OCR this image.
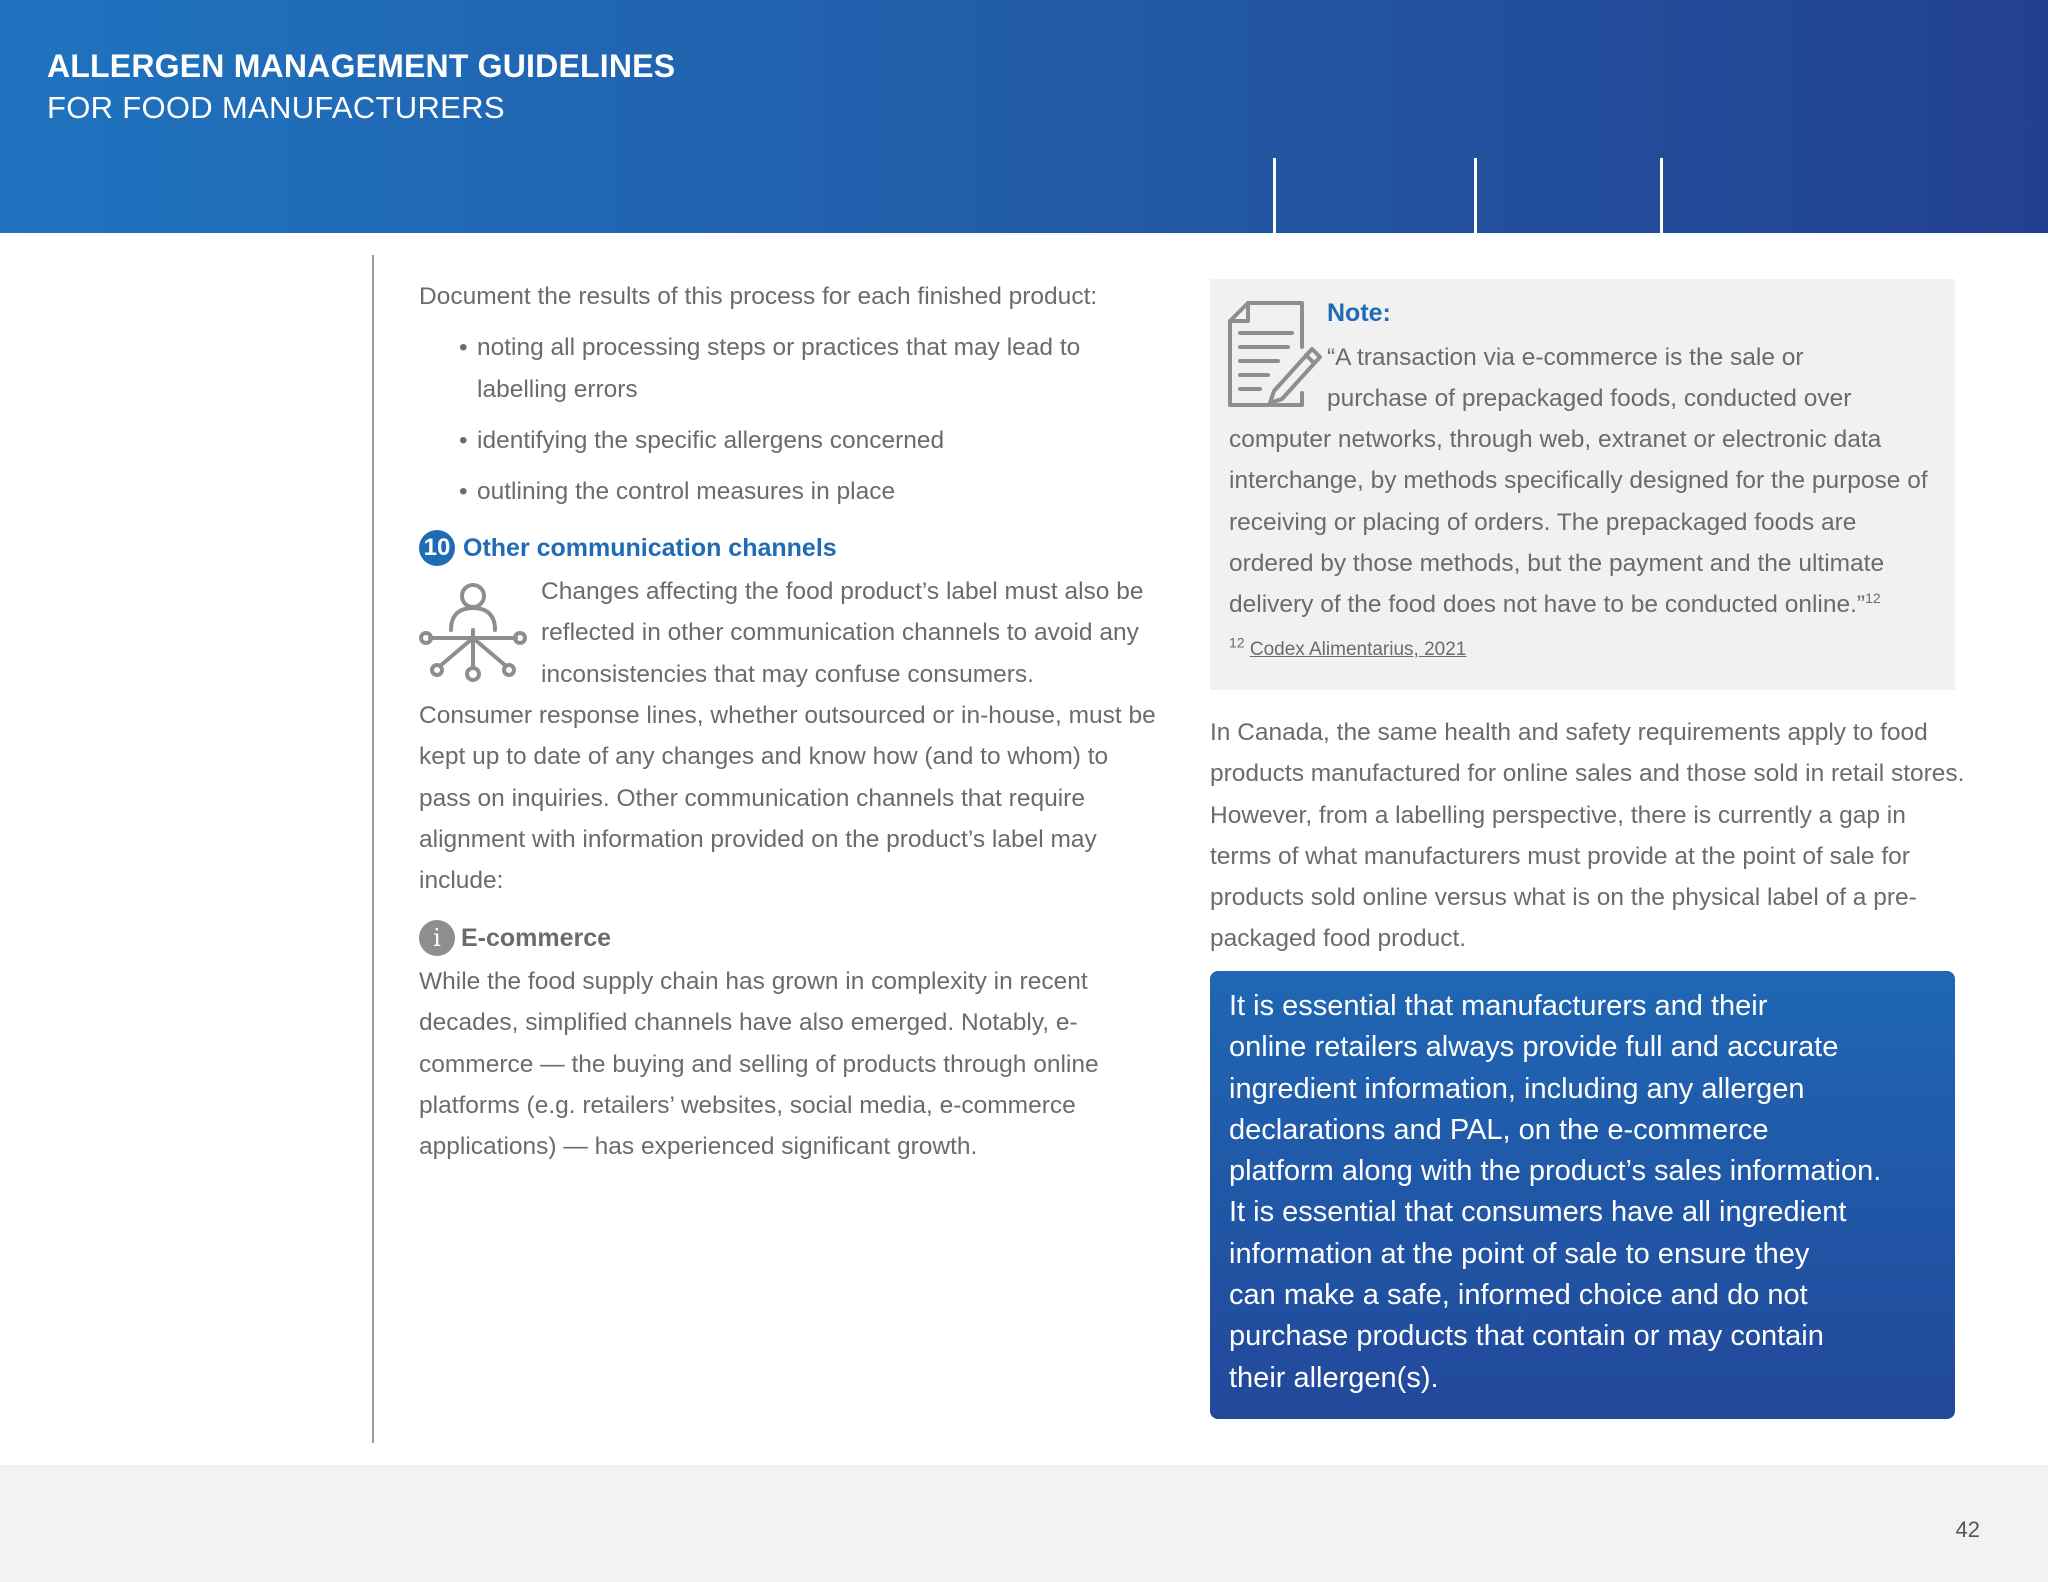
ALLERGEN MANAGEMENT GUIDELINES
FOR FOOD MANUFACTURERS
Document the results of this process for each finished product:
• noting all processing steps or practices that may lead to labelling errors
• identifying the specific allergens concerned
• outlining the control measures in place
10 Other communication channels
Changes affecting the food product’s label must also be reflected in other communication channels to avoid any inconsistencies that may confuse consumers.
Consumer response lines, whether outsourced or in-house, must be kept up to date of any changes and know how (and to whom) to pass on inquiries. Other communication channels that require alignment with information provided on the product’s label may include:
i E-commerce
While the food supply chain has grown in complexity in recent decades, simplified channels have also emerged. Notably, e-commerce — the buying and selling of products through online platforms (e.g. retailers’ websites, social media, e-commerce applications) — has experienced significant growth.
Note:
“A transaction via e-commerce is the sale or
purchase of prepackaged foods, conducted over
computer networks, through web, extranet or electronic data interchange, by methods specifically designed for the purpose of receiving or placing of orders. The prepackaged foods are ordered by those methods, but the payment and the ultimate delivery of the food does not have to be conducted online.”$^{12}$
$^{12}$ Codex Alimentarius, 2021
In Canada, the same health and safety requirements apply to food products manufactured for online sales and those sold in retail stores. However, from a labelling perspective, there is currently a gap in terms of what manufacturers must provide at the point of sale for products sold online versus what is on the physical label of a pre-packaged food product.
It is essential that manufacturers and their
online retailers always provide full and accurate
ingredient information, including any allergen
declarations and PAL, on the e-commerce
platform along with the product’s sales information.
It is essential that consumers have all ingredient
information at the point of sale to ensure they
can make a safe, informed choice and do not
purchase products that contain or may contain
their allergen(s).
42
